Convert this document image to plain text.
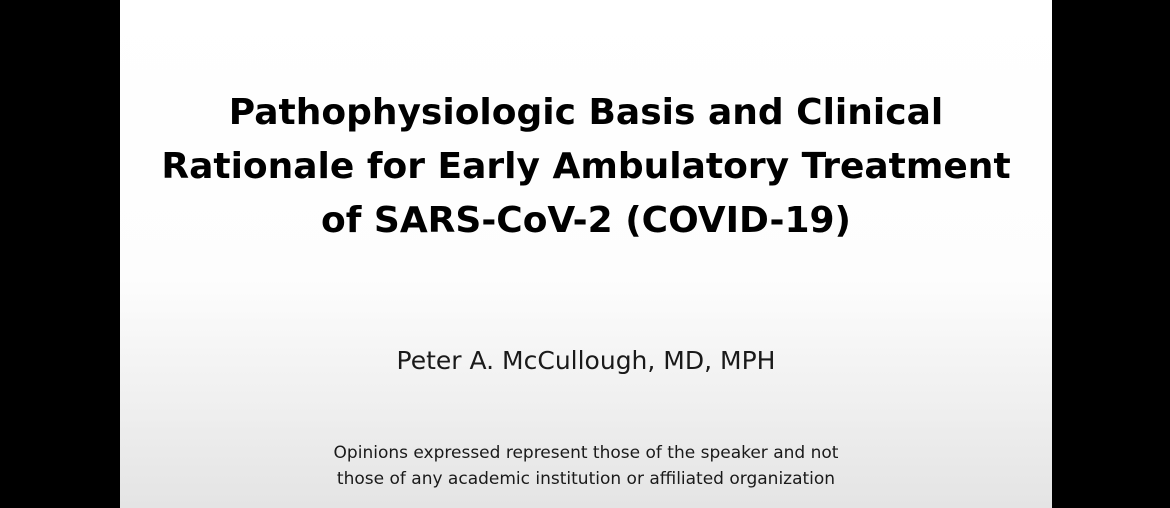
Pathophysiologic Basis and Clinical
Rationale for Early Ambulatory Treatment
of SARS-CoV-2 (COVID-19)
Peter A. McCullough, MD, MPH
Opinions expressed represent those of the speaker and not
those of any academic institution or affiliated organization
